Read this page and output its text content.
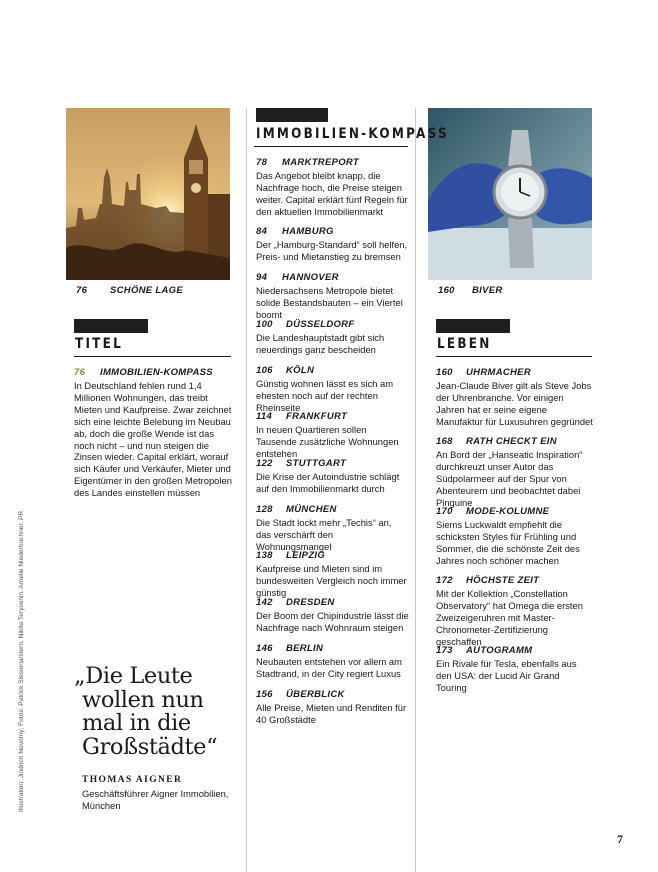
76 SCHÖNE LAGE	160 BIVER
TITEL
76 IMMOBILIEN-KOMPASS
In Deutschland fehlen rund 1,4 Millionen Wohnungen, das treibt Mieten und Kaufpreise. Zwar zeichnet sich eine leichte Belebung im Neubau ab, doch die große Wende ist das noch nicht – und nun steigen die Zinsen wieder. Capital erklärt, worauf sich Käufer und Verkäufer, Mieter und Eigentümer in den großen Metropolen des Landes einstellen müssen
IMMOBILIEN-KOMPASS
78 MARKTREPORT
Das Angebot bleibt knapp, die Nachfrage hoch, die Preise steigen weiter. Capital erklärt fünf Regeln für den aktuellen Immobilienmarkt
84 HAMBURG
Der „Hamburg-Standard“ soll helfen, Preis- und Mietanstieg zu bremsen
94 HANNOVER
Niedersachsens Metropole bietet solide Bestandsbauten – ein Viertel boomt
100 DÜSSELDORF
Die Landeshauptstadt gibt sich neuerdings ganz bescheiden
106 KÖLN
Günstig wohnen lässt es sich am ehesten noch auf der rechten Rheinseite
114 FRANKFURT
In neuen Quartieren sollen Tausende zusätzliche Wohnungen entstehen
122 STUTTGART
Die Krise der Autoindustrie schlägt auf den Immobilienmarkt durch
128 MÜNCHEN
Die Stadt lockt mehr „Techis“ an, das verschärft den Wohnungsmangel
138 LEIPZIG
Kaufpreise und Mieten sind im bundesweiten Vergleich noch immer günstig
142 DRESDEN
Der Boom der Chipindustrie lässt die Nachfrage nach Wohnraum steigen
146 BERLIN
Neubauten entstehen vor allem am Stadtrand, in der City regiert Luxus
156 ÜBERBLICK
Alle Preise, Mieten und Renditen für 40 Großstädte
LEBEN
160 UHRMACHER
Jean-Claude Biver gilt als Steve Jobs der Uhrenbranche. Vor einigen Jahren hat er seine eigene Manufaktur für Luxusuhren gegründet
168 RATH CHECKT EIN
An Bord der „Hanseatic Inspiration“ durchkreuzt unser Autor das Südpolarmeer auf der Spur von Abenteurern und beobachtet dabei Pinguine
170 MODE-KOLUMNE
Siems Luckwaldt empfiehlt die schicksten Styles für Frühling und Sommer, die die schönste Zeit des Jahres noch schöner machen
172 HÖCHSTE ZEIT
Mit der Kollektion „Constellation Observatory“ hat Omega die ersten Zweizeigeruhren mit Master-Chronometer-Zertifizierung geschaffen
173 AUTOGRAMM
Ein Rivale für Tesla, ebenfalls aus den USA: der Lucid Air Grand Touring
„Die Leute
wollen nun
mal in die
Großstädte“
THOMAS AIGNER
Geschäftsführer Aigner Immobilien, München
Illustration: Jindrich Novotny; Fotos: Patrick Slesiona/stern, Nikita Teryoshin, Amelie Niederbuchner, PR
7
